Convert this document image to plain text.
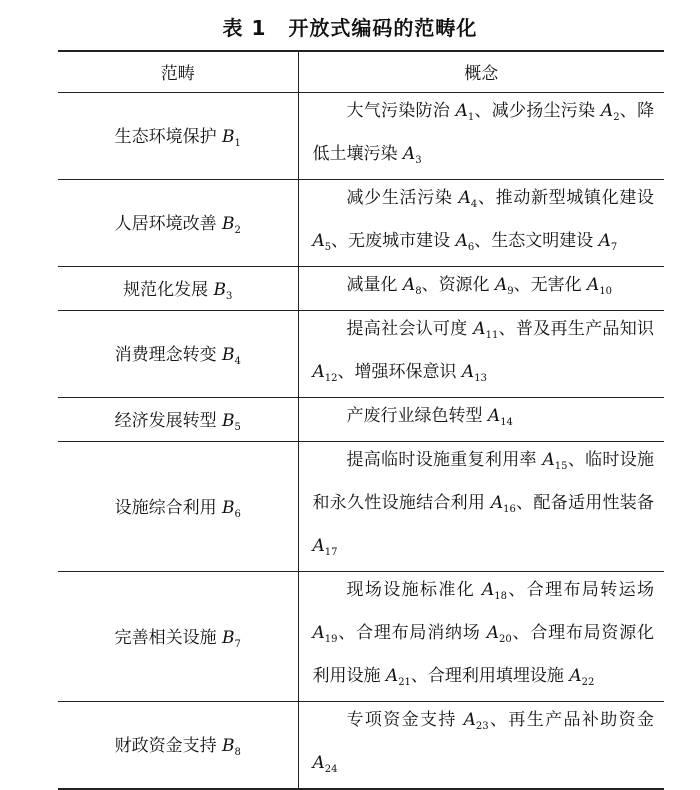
表 1 开放式编码的范畴化
范畴	概念
生态环境保护 $B_1$	大气污染防治 $A_1$、减少扬尘污染 $A_2$、降低土壤污染 $A_3$

人居环境改善 $B_2$	减少生活污染 $A_4$、推动新型城镇化建设 $A_5$、无废城市建设 $A_6$、生态文明建设 $A_7$

规范化发展 $B_3$	减量化 $A_8$、资源化 $A_9$、无害化 $A_{10}$

消费理念转变 $B_4$	提高社会认可度 $A_{11}$、普及再生产品知识 $A_{12}$、增强环保意识 $A_{13}$

经济发展转型 $B_5$	产废行业绿色转型 $A_{14}$

设施综合利用 $B_6$	提高临时设施重复利用率 $A_{15}$、临时设施和永久性设施结合利用 $A_{16}$、配备适用性装备 $A_{17}$

完善相关设施 $B_7$	现场设施标准化 $A_{18}$、合理布局转运场 $A_{19}$、合理布局消纳场 $A_{20}$、合理布局资源化利用设施 $A_{21}$、合理利用填埋设施 $A_{22}$

财政资金支持 $B_8$	专项资金支持 $A_{23}$、再生产品补助资金 $A_{24}$
